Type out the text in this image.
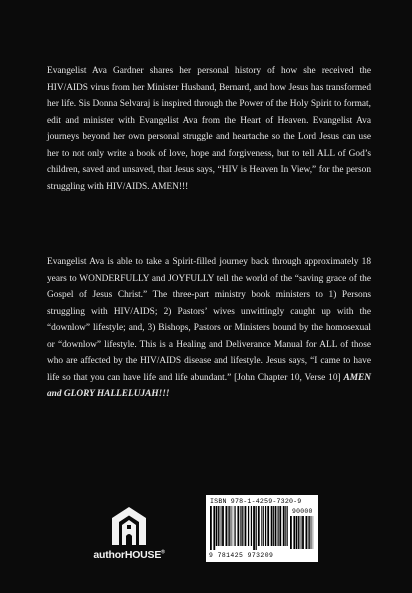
Evangelist Ava Gardner shares her personal history of how she received the HIV/AIDS virus from her Minister Husband, Bernard, and how Jesus has transformed her life. Sis Donna Selvaraj is inspired through the Power of the Holy Spirit to format, edit and minister with Evangelist Ava from the Heart of Heaven. Evangelist Ava journeys beyond her own personal struggle and heartache so the Lord Jesus can use her to not only write a book of love, hope and forgiveness, but to tell ALL of God’s children, saved and unsaved, that Jesus says, “HIV is Heaven In View,” for the person struggling with HIV/AIDS. AMEN!!!

Evangelist Ava is able to take a Spirit-filled journey back through approximately 18 years to WONDERFULLY and JOYFULLY tell the world of the “saving grace of the Gospel of Jesus Christ.” The three-part ministry book ministers to 1) Persons struggling with HIV/AIDS; 2) Pastors’ wives unwittingly caught up with the “downlow” lifestyle; and, 3) Bishops, Pastors or Ministers bound by the homosexual or “downlow” lifestyle. This is a Healing and Deliverance Manual for ALL of those who are affected by the HIV/AIDS disease and lifestyle. Jesus says, “I came to have life so that you can have life and life abundant.” [John Chapter 10, Verse 10] AMEN and GLORY HALLELUJAH!!!

authorHOUSE®
ISBN 978-1-4259-7320-9
90000
9 781425 973209
